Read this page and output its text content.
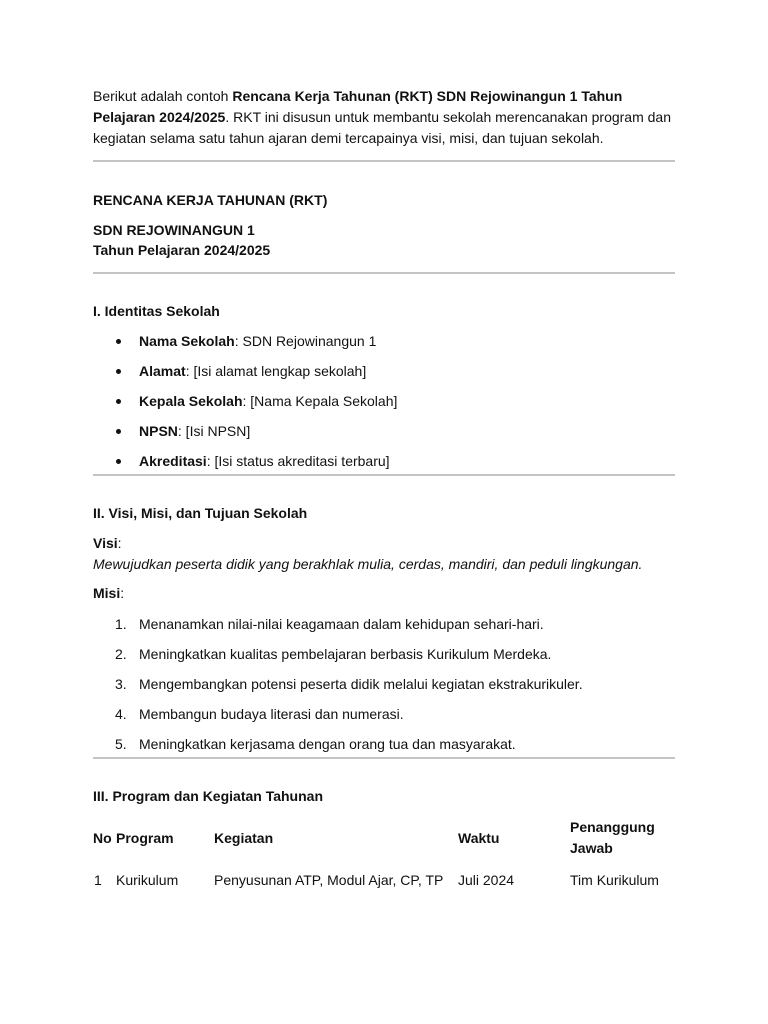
Berikut adalah contoh Rencana Kerja Tahunan (RKT) SDN Rejowinangun 1 Tahun Pelajaran 2024/2025. RKT ini disusun untuk membantu sekolah merencanakan program dan kegiatan selama satu tahun ajaran demi tercapainya visi, misi, dan tujuan sekolah.

RENCANA KERJA TAHUNAN (RKT)

SDN REJOWINANGUN 1

Tahun Pelajaran 2024/2025

I. Identitas Sekolah

Nama Sekolah: SDN Rejowinangun 1
Alamat: [Isi alamat lengkap sekolah]
Kepala Sekolah: [Nama Kepala Sekolah]
NPSN: [Isi NPSN]
Akreditasi: [Isi status akreditasi terbaru]

II. Visi, Misi, dan Tujuan Sekolah

Visi:

Mewujudkan peserta didik yang berakhlak mulia, cerdas, mandiri, dan peduli lingkungan.

Misi:

1. Menanamkan nilai-nilai keagamaan dalam kehidupan sehari-hari.
2. Meningkatkan kualitas pembelajaran berbasis Kurikulum Merdeka.
3. Mengembangkan potensi peserta didik melalui kegiatan ekstrakurikuler.
4. Membangun budaya literasi dan numerasi.
5. Meningkatkan kerjasama dengan orang tua dan masyarakat.

III. Program dan Kegiatan Tahunan

No	Program	Kegiatan	Waktu	Penanggung
Jawab
1	Kurikulum	Penyusunan ATP, Modul Ajar, CP, TP	Juli 2024	Tim Kurikulum
